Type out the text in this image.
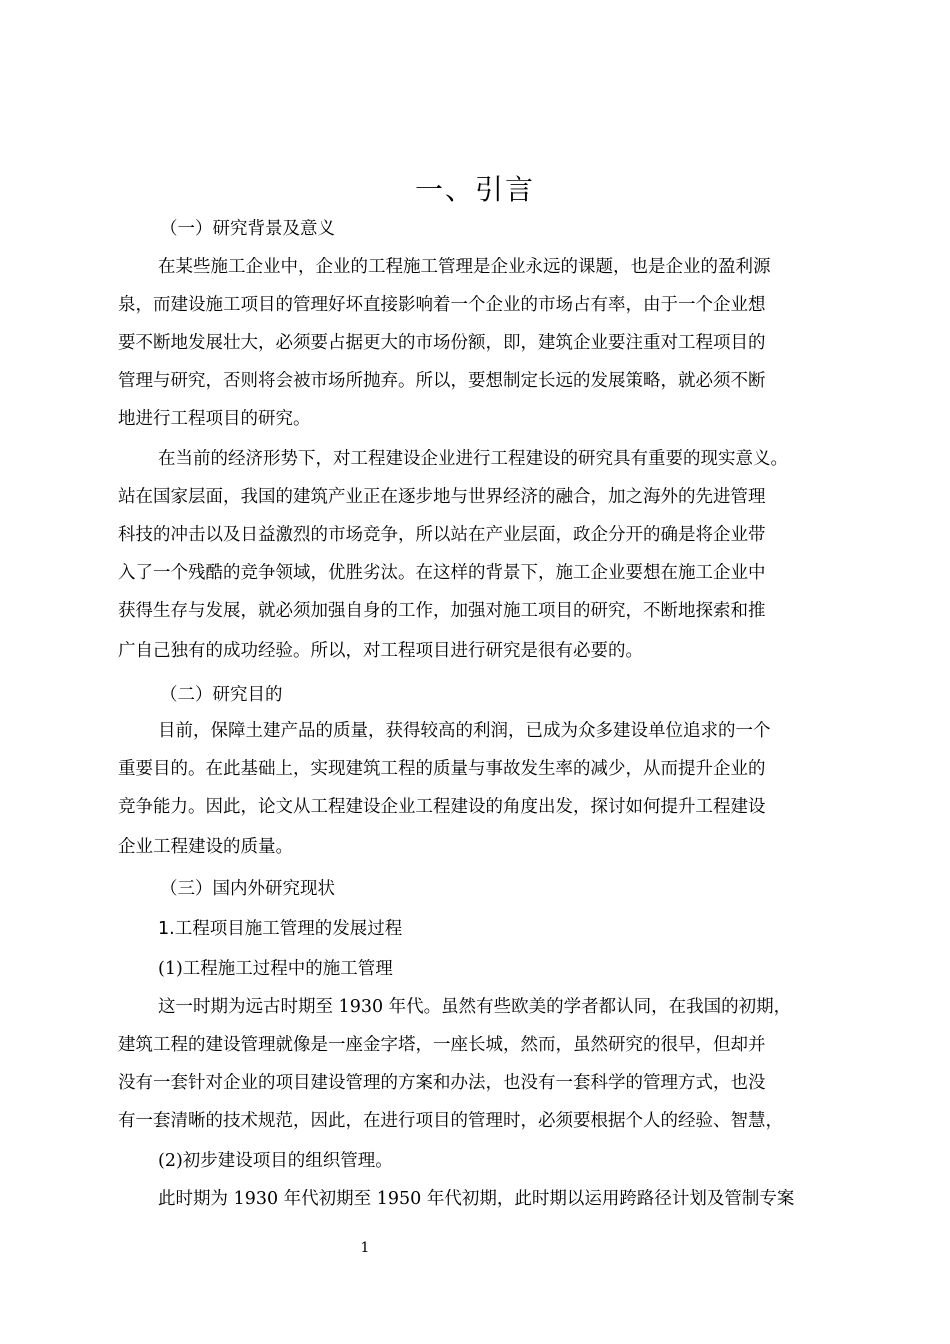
一、引言
（一）研究背景及意义
在某些施工企业中，企业的工程施工管理是企业永远的课题，也是企业的盈利源
泉，而建设施工项目的管理好坏直接影响着一个企业的市场占有率，由于一个企业想
要不断地发展壮大，必须要占据更大的市场份额，即，建筑企业要注重对工程项目的
管理与研究，否则将会被市场所抛弃。所以，要想制定长远的发展策略，就必须不断
地进行工程项目的研究。
在当前的经济形势下，对工程建设企业进行工程建设的研究具有重要的现实意义。
站在国家层面，我国的建筑产业正在逐步地与世界经济的融合，加之海外的先进管理
科技的冲击以及日益激烈的市场竞争，所以站在产业层面，政企分开的确是将企业带
入了一个残酷的竞争领域，优胜劣汰。在这样的背景下，施工企业要想在施工企业中
获得生存与发展，就必须加强自身的工作，加强对施工项目的研究，不断地探索和推
广自己独有的成功经验。所以，对工程项目进行研究是很有必要的。
（二）研究目的
目前，保障土建产品的质量，获得较高的利润，已成为众多建设单位追求的一个
重要目的。在此基础上，实现建筑工程的质量与事故发生率的减少，从而提升企业的
竞争能力。因此，论文从工程建设企业工程建设的角度出发，探讨如何提升工程建设
企业工程建设的质量。
（三）国内外研究现状
1.工程项目施工管理的发展过程
(1)工程施工过程中的施工管理
这一时期为远古时期至 1930 年代。虽然有些欧美的学者都认同，在我国的初期，
建筑工程的建设管理就像是一座金字塔，一座长城，然而，虽然研究的很早，但却并
没有一套针对企业的项目建设管理的方案和办法，也没有一套科学的管理方式，也没
有一套清晰的技术规范，因此，在进行项目的管理时，必须要根据个人的经验、智慧，
(2)初步建设项目的组织管理。
此时期为 1930 年代初期至 1950 年代初期，此时期以运用跨路径计划及管制专案
1
